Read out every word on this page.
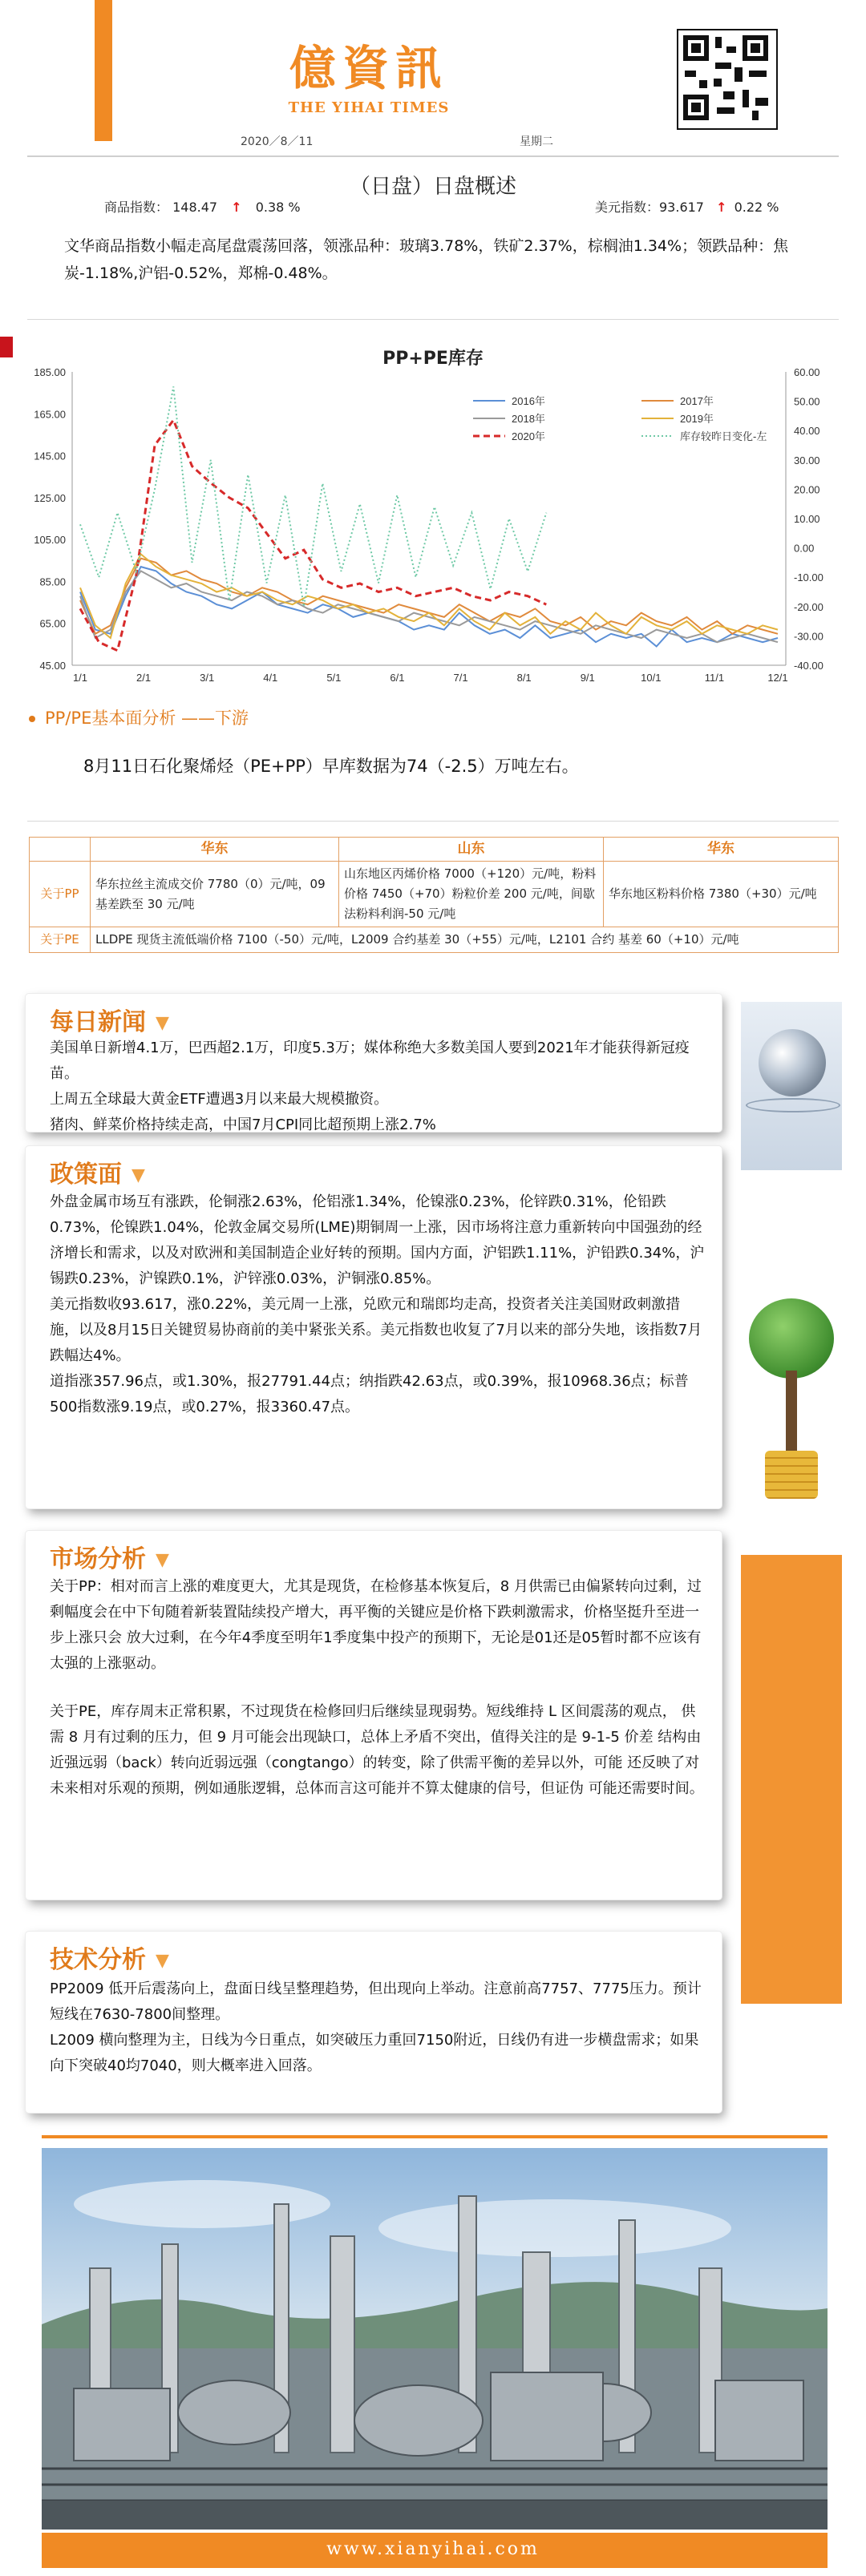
億資訊
THE YIHAI TIMES
2020／8／11	星期二
（日盘）日盘概述
商品指数： 148.47 ↑ 0.38 %	美元指数：93.617 ↑ 0.22 %
文华商品指数小幅走高尾盘震荡回落，领涨品种：玻璃3.78%，铁矿2.37%，棕榈油1.34%；领跌品种：焦炭-1.18%,沪铝-0.52%，郑棉-0.48%。
PP+PE库存
185.00
165.00
145.00
125.00
105.00
85.00
65.00
45.00
60.00
50.00
40.00
30.00
20.00
10.00
0.00
-10.00
-20.00
-30.00
-40.00
1/1	2/1	3/1	4/1	5/1	6/1	7/1	8/1	9/1	10/1	11/1	12/1
2016年	2017年
2018年	2019年
2020年	库存较昨日变化-左
PP/PE基本面分析 ——下游
8月11日石化聚烯烃（PE+PP）早库数据为74（-2.5）万吨左右。
	华东	山东	华东
关于PP	华东拉丝主流成交价 7780（0）元/吨，09 基差跌至 30 元/吨	山东地区丙烯价格 7000（+120）元/吨，粉料价格 7450（+70）粉粒价差 200 元/吨，间歇 法粉料利润-50 元/吨	华东地区粉料价格 7380（+30）元/吨
关于PE	LLDPE 现货主流低端价格 7100（-50）元/吨，L2009 合约基差 30（+55）元/吨，L2101 合约 基差 60（+10）元/吨		
每日新闻 ▼

美国单日新增4.1万，巴西超2.1万，印度5.3万；媒体称绝大多数美国人要到2021年才能获得新冠疫苗。

上周五全球最大黄金ETF遭遇3月以来最大规模撤资。

猪肉、鲜菜价格持续走高，中国7月CPI同比超预期上涨2.7%

政策面 ▼

外盘金属市场互有涨跌，伦铜涨2.63%，伦铝涨1.34%，伦镍涨0.23%，伦锌跌0.31%，伦铅跌0.73%，伦镍跌1.04%，伦敦金属交易所(LME)期铜周一上涨，因市场将注意力重新转向中国强劲的经济增长和需求，以及对欧洲和美国制造企业好转的预期。国内方面，沪铝跌1.11%，沪铅跌0.34%，沪锡跌0.23%，沪镍跌0.1%，沪锌涨0.03%，沪铜涨0.85%。

美元指数收93.617，涨0.22%，美元周一上涨，兑欧元和瑞郎均走高，投资者关注美国财政刺激措施，以及8月15日关键贸易协商前的美中紧张关系。美元指数也收复了7月以来的部分失地，该指数7月跌幅达4%。

道指涨357.96点，或1.30%，报27791.44点；纳指跌42.63点，或0.39%，报10968.36点；标普500指数涨9.19点，或0.27%，报3360.47点。

市场分析 ▼

关于PP：相对而言上涨的难度更大，尤其是现货，在检修基本恢复后，8 月供需已由偏紧转向过剩，过剩幅度会在中下旬随着新装置陆续投产增大，再平衡的关键应是价格下跌刺激需求，价格坚挺升至进一步上涨只会 放大过剩，在今年4季度至明年1季度集中投产的预期下，无论是01还是05暂时都不应该有太强的上涨驱动。

关于PE，库存周末正常积累，不过现货在检修回归后继续显现弱势。短线维持 L 区间震荡的观点， 供需 8 月有过剩的压力，但 9 月可能会出现缺口，总体上矛盾不突出，值得关注的是 9-1-5 价差 结构由近强远弱（back）转向近弱远强（congtango）的转变，除了供需平衡的差异以外，可能 还反映了对未来相对乐观的预期，例如通胀逻辑，总体而言这可能并不算太健康的信号，但证伪 可能还需要时间。

技术分析 ▼

PP2009 低开后震荡向上，盘面日线呈整理趋势，但出现向上举动。注意前高7757、7775压力。预计短线在7630-7800间整理。

L2009 横向整理为主，日线为今日重点，如突破压力重回7150附近，日线仍有进一步横盘需求；如果向下突破40均7040，则大概率进入回落。

www.xianyihai.com
